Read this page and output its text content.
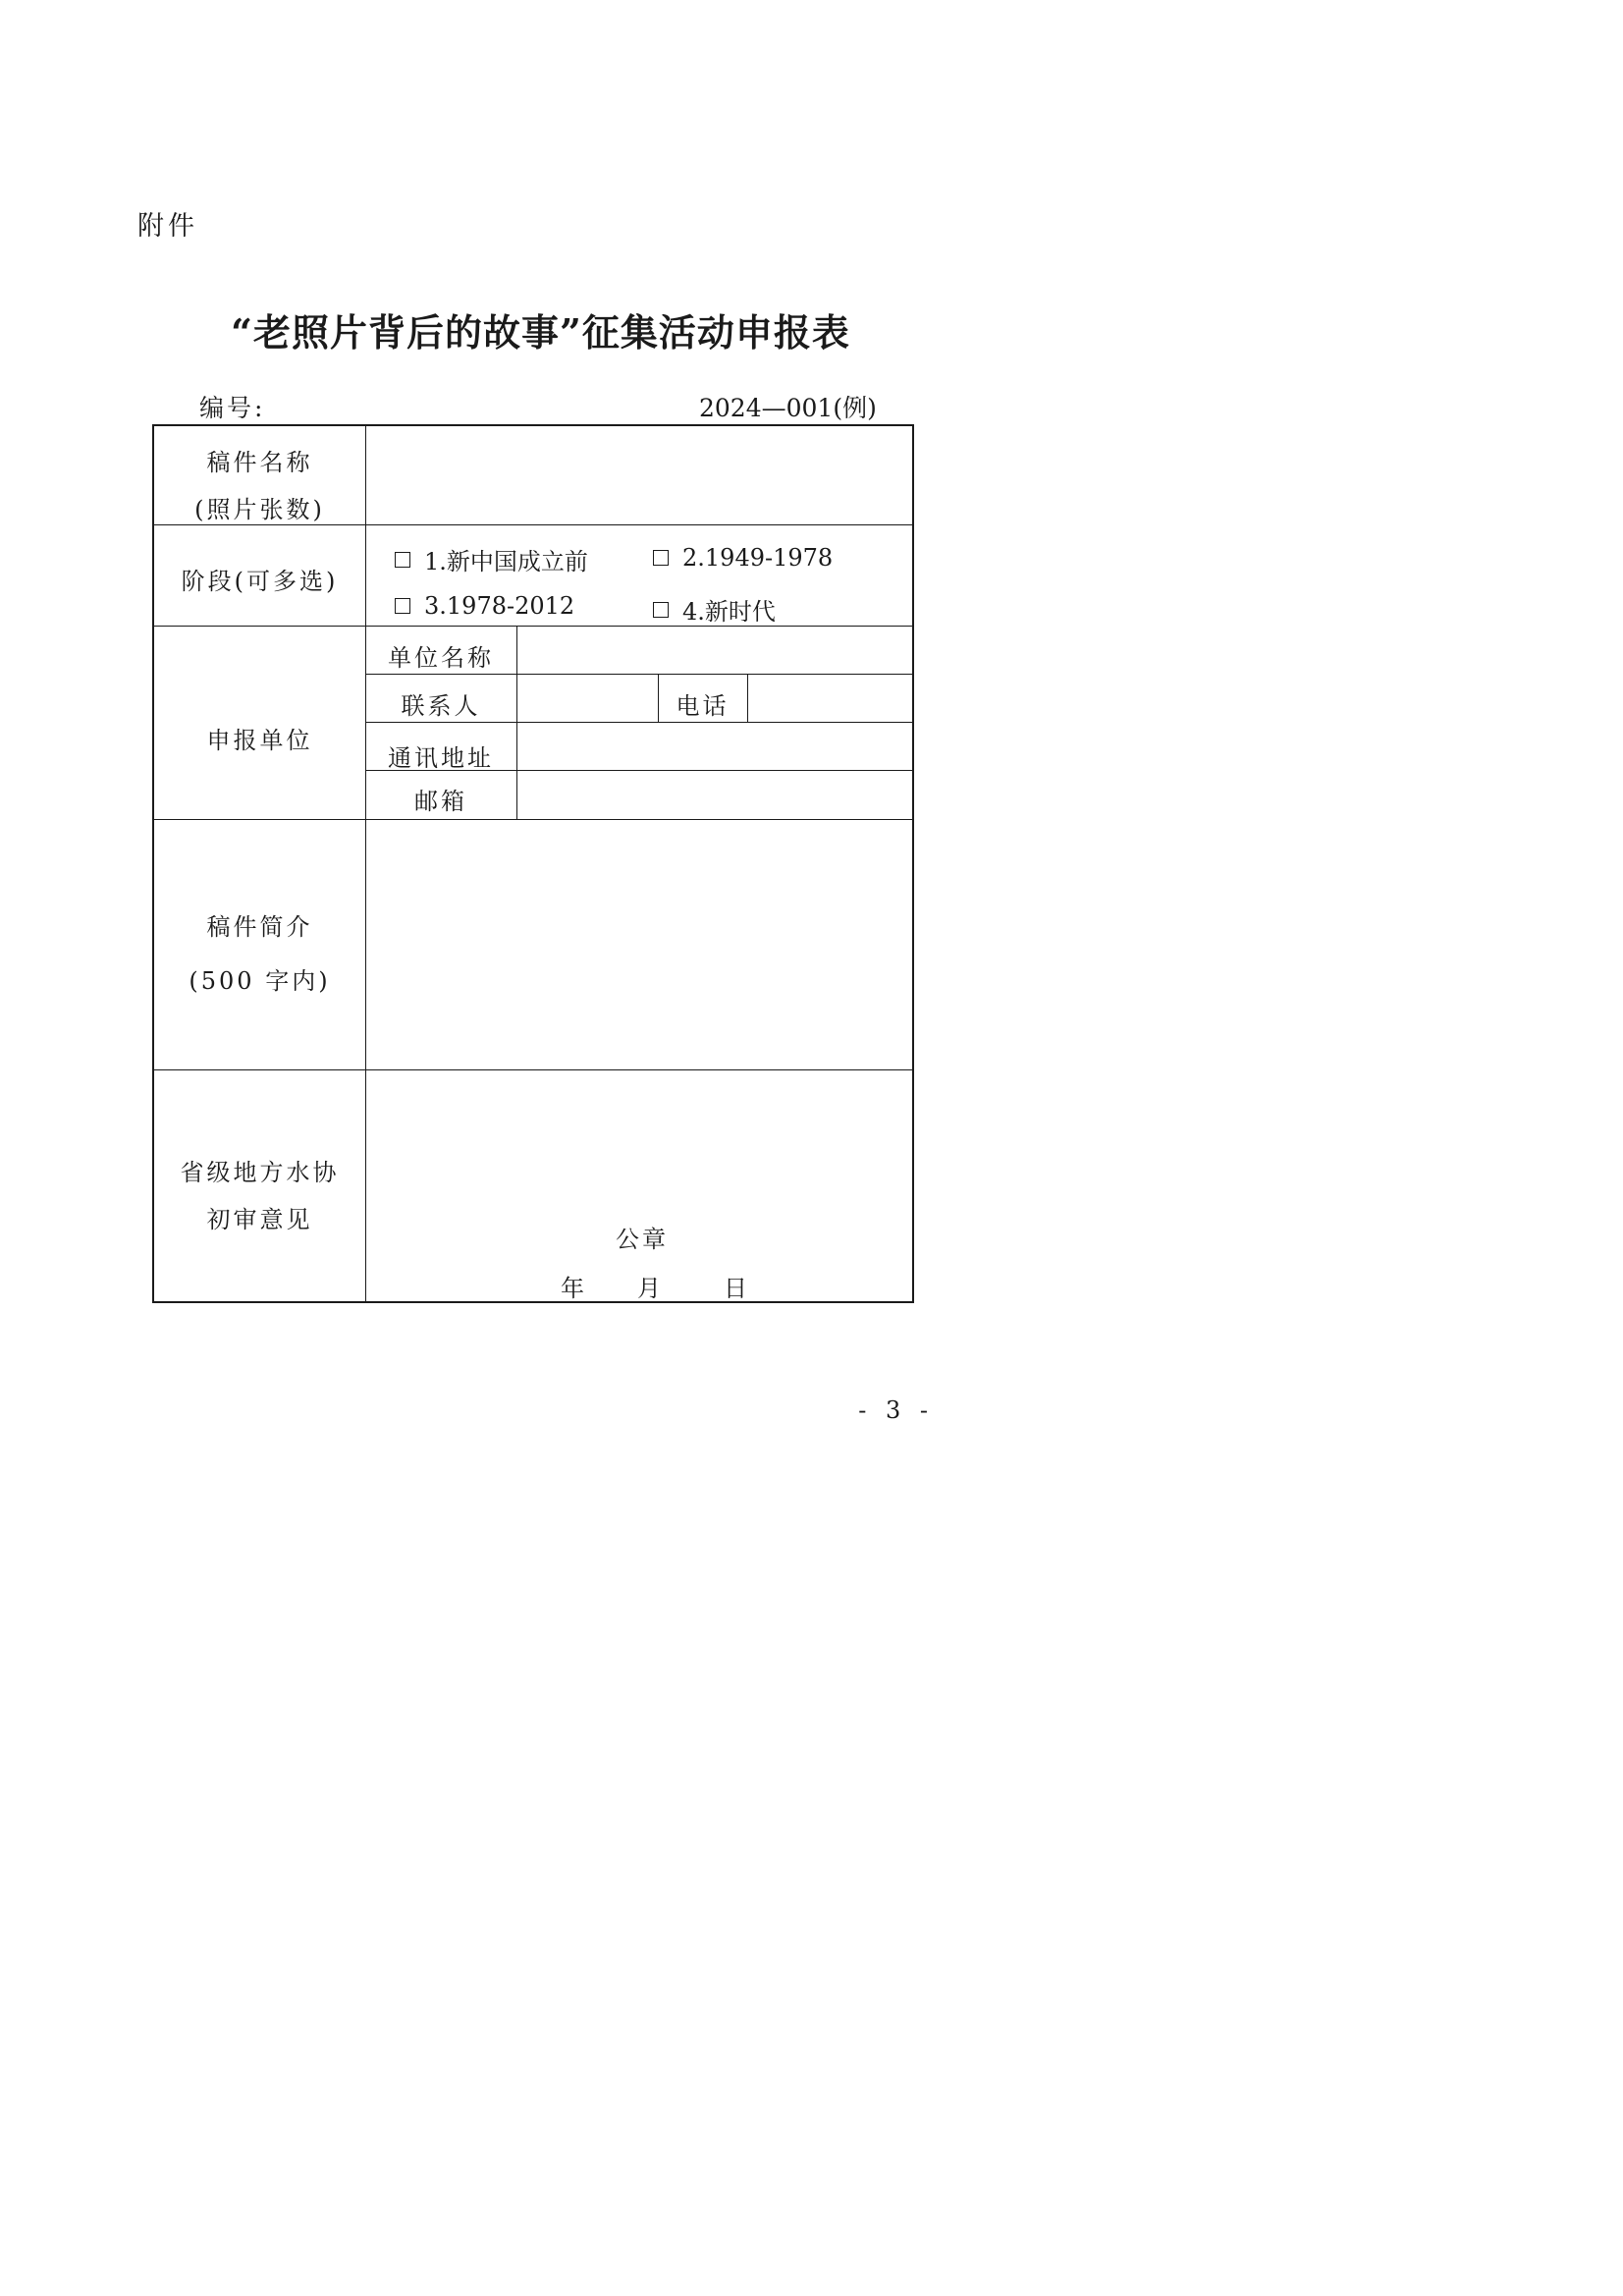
附件
“老照片背后的故事”征集活动申报表
编号:	2024—001(例)
稿件名称
(照片张数)
阶段(可多选)
1.新中国成立前	2.1949-1978
3.1978-2012	4.新时代
申报单位
单位名称
联系人	电话
通讯地址
邮箱
稿件简介
(500 字内)
省级地方水协
初审意见
公章
年 月	日
- 3 -
